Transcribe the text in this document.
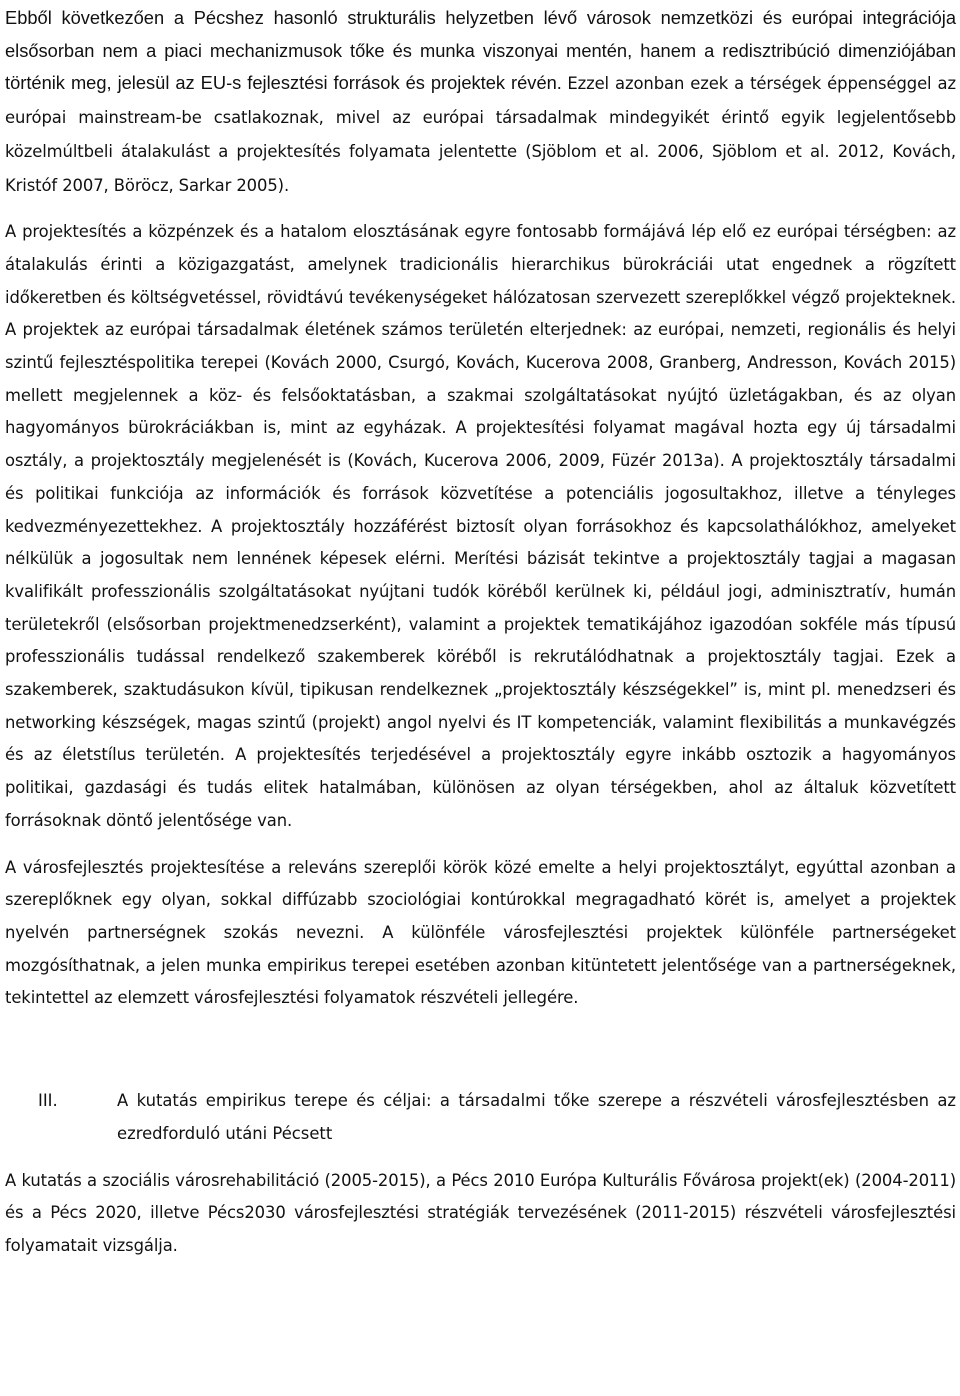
Ebből következően a Pécshez hasonló strukturális helyzetben lévő városok nemzetközi és európai integrációja elsősorban nem a piaci mechanizmusok tőke és munka viszonyai mentén, hanem a redisztribúció dimenziójában történik meg, jelesül az EU-s fejlesztési források és projektek révén. Ezzel azonban ezek a térségek éppenséggel az európai mainstream-be csatlakoznak, mivel az európai társadalmak mindegyikét érintő egyik legjelentősebb közelmúltbeli átalakulást a projektesítés folyamata jelentette (Sjöblom et al. 2006, Sjöblom et al. 2012, Kovách, Kristóf 2007, Böröcz, Sarkar 2005).

A projektesítés a közpénzek és a hatalom elosztásának egyre fontosabb formájává lép elő ez európai térségben: az átalakulás érinti a közigazgatást, amelynek tradicionális hierarchikus bürokráciái utat engednek a rögzített időkeretben és költségvetéssel, rövidtávú tevékenységeket hálózatosan szervezett szereplőkkel végző projekteknek. A projektek az európai társadalmak életének számos területén elterjednek: az európai, nemzeti, regionális és helyi szintű fejlesztéspolitika terepei (Kovách 2000, Csurgó, Kovách, Kucerova 2008, Granberg, Andresson, Kovách 2015) mellett megjelennek a köz- és felsőoktatásban, a szakmai szolgáltatásokat nyújtó üzletágakban, és az olyan hagyományos bürokráciákban is, mint az egyházak. A projektesítési folyamat magával hozta egy új társadalmi osztály, a projektosztály megjelenését is (Kovách, Kucerova 2006, 2009, Füzér 2013a). A projektosztály társadalmi és politikai funkciója az információk és források közvetítése a potenciális jogosultakhoz, illetve a tényleges kedvezményezettekhez. A projektosztály hozzáférést biztosít olyan forrásokhoz és kapcsolathálókhoz, amelyeket nélkülük a jogosultak nem lennének képesek elérni. Merítési bázisát tekintve a projektosztály tagjai a magasan kvalifikált professzionális szolgáltatásokat nyújtani tudók köréből kerülnek ki, például jogi, adminisztratív, humán területekről (elsősorban projektmenedzserként), valamint a projektek tematikájához igazodóan sokféle más típusú professzionális tudással rendelkező szakemberek köréből is rekrutálódhatnak a projektosztály tagjai. Ezek a szakemberek, szaktudásukon kívül, tipikusan rendelkeznek „projektosztály készségekkel” is, mint pl. menedzseri és networking készségek, magas szintű (projekt) angol nyelvi és IT kompetenciák, valamint flexibilitás a munkavégzés és az életstílus területén. A projektesítés terjedésével a projektosztály egyre inkább osztozik a hagyományos politikai, gazdasági és tudás elitek hatalmában, különösen az olyan térségekben, ahol az általuk közvetített forrásoknak döntő jelentősége van.

A városfejlesztés projektesítése a releváns szereplői körök közé emelte a helyi projektosztályt, egyúttal azonban a szereplőknek egy olyan, sokkal diffúzabb szociológiai kontúrokkal megragadható körét is, amelyet a projektek nyelvén partnerségnek szokás nevezni. A különféle városfejlesztési projektek különféle partnerségeket mozgósíthatnak, a jelen munka empirikus terepei esetében azonban kitüntetett jelentősége van a partnerségeknek, tekintettel az elemzett városfejlesztési folyamatok részvételi jellegére.

III.	A kutatás empirikus terepe és céljai: a társadalmi tőke szerepe a részvételi városfejlesztésben az ezredforduló utáni Pécsett

A kutatás a szociális városrehabilitáció (2005-2015), a Pécs 2010 Európa Kulturális Fővárosa projekt(ek) (2004-2011) és a Pécs 2020, illetve Pécs2030 városfejlesztési stratégiák tervezésének (2011-2015) részvételi városfejlesztési folyamatait vizsgálja.
